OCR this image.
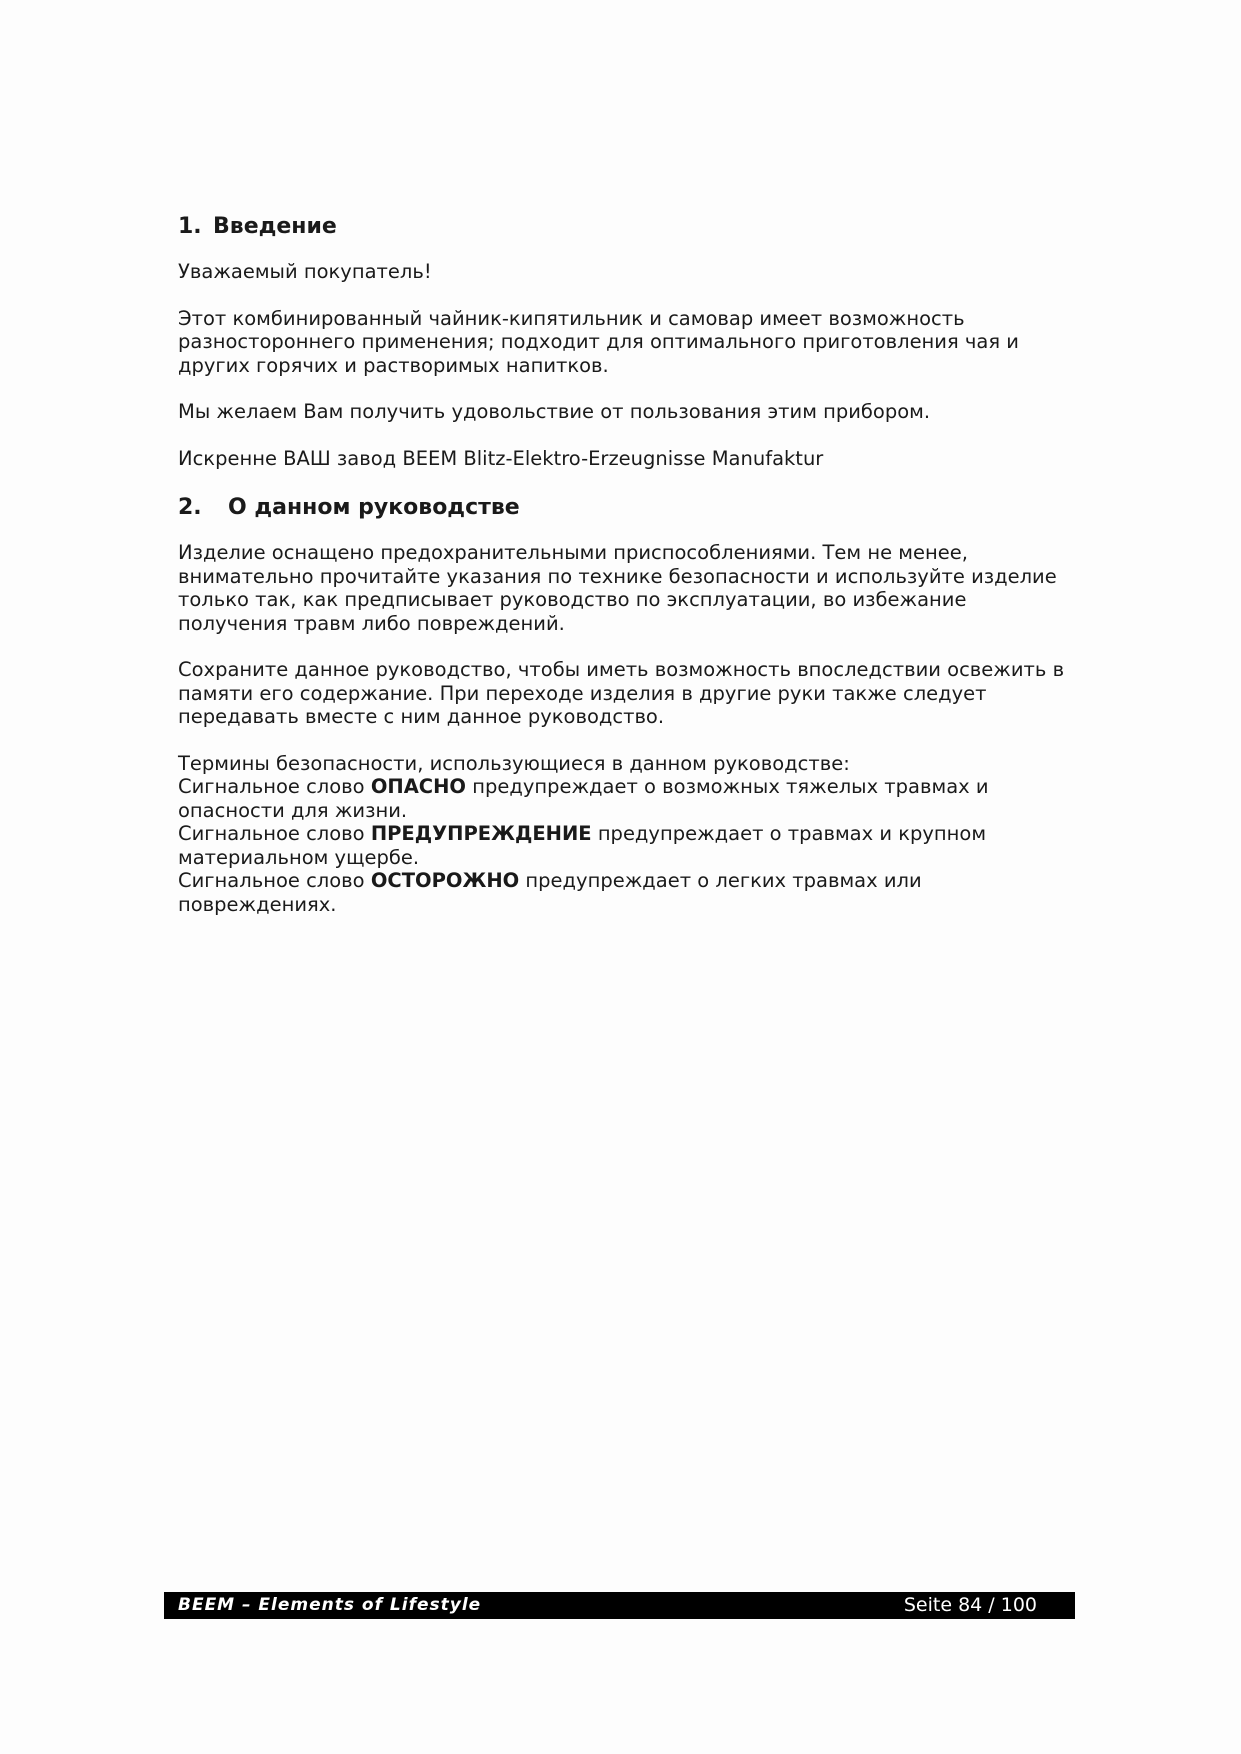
1. Введение

Уважаемый покупатель!

Этот комбинированный чайник-кипятильник и самовар имеет возможность
разностороннего применения; подходит для оптимального приготовления чая и
других горячих и растворимых напитков.

Мы желаем Вам получить удовольствие от пользования этим прибором.

Искренне ВАШ завод BEEM Blitz-Elektro-Erzeugnisse Manufaktur

2. О данном руководстве

Изделие оснащено предохранительными приспособлениями. Тем не менее,
внимательно прочитайте указания по технике безопасности и используйте изделие
только так, как предписывает руководство по эксплуатации, во избежание
получения травм либо повреждений.

Сохраните данное руководство, чтобы иметь возможность впоследствии освежить в
памяти его содержание. При переходе изделия в другие руки также следует
передавать вместе с ним данное руководство.

Термины безопасности, использующиеся в данном руководстве:
Сигнальное слово ОПАСНО предупреждает о возможных тяжелых травмах и
опасности для жизни.
Сигнальное слово ПРЕДУПРЕЖДЕНИЕ предупреждает о травмах и крупном
материальном ущербе.
Сигнальное слово ОСТОРОЖНО предупреждает о легких травмах или повреждениях.

BEEM – Elements of Lifestyle	Seite 84 / 100
